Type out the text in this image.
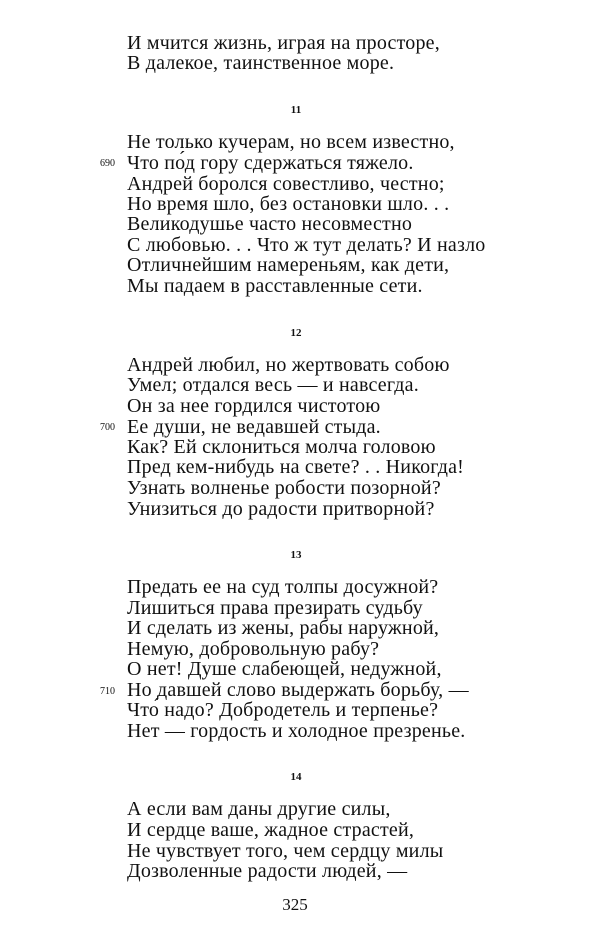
И мчится жизнь, играя на просторе,
В далекое, таинственное море.
11
Не только кучерам, но всем известно,
690 Что по́д гору сдержаться тяжело.
Андрей боролся совестливо, честно;
Но время шло, без остановки шло. . .
Великодушье часто несовместно
С любовью. . . Что ж тут делать? И назло
Отличнейшим намереньям, как дети,
Мы падаем в расставленные сети.
12
Андрей любил, но жертвовать собою
Умел; отдался весь — и навсегда.
Он за нее гордился чистотою
700 Ее души, не ведавшей стыда.
Как? Ей склониться молча головою
Пред кем-нибудь на свете? . . Никогда!
Узнать волненье робости позорной?
Унизиться до радости притворной?
13
Предать ее на суд толпы досужной?
Лишиться права презирать судьбу
И сделать из жены, рабы наружной,
Немую, добровольную рабу?
О нет! Душе слабеющей, недужной,
710 Но давшей слово выдержать борьбу, —
Что́ надо? Добродетель и терпенье?
Нет — гордость и холодное презренье.
14
А если вам даны другие силы,
И сердце ваше, жадное страстей,
Не чувствует того, чем сердцу милы
Дозволенные радости людей, —
325
